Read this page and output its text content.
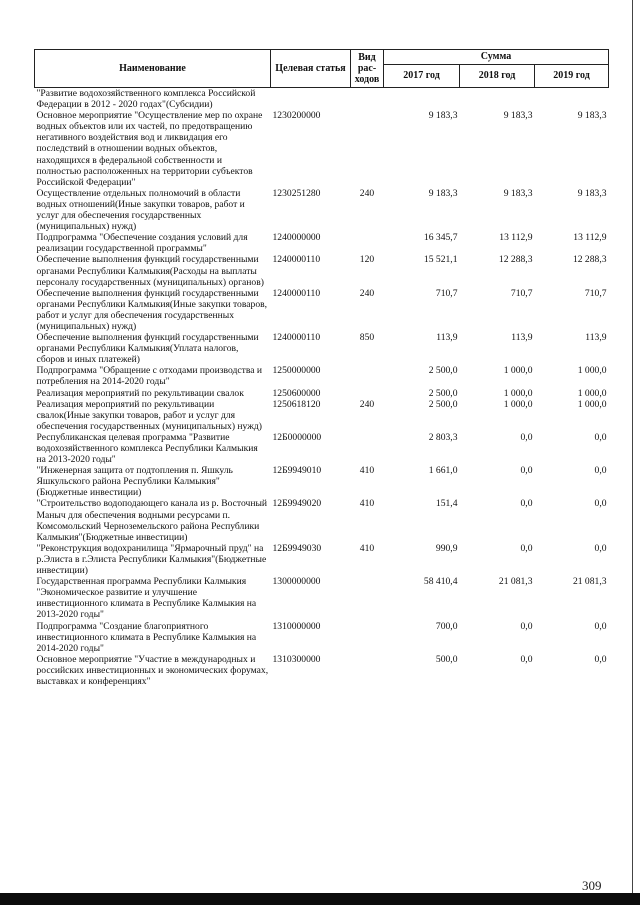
Наименование	Целевая статья	Вид рас-ходов	Сумма		
			2017 год	2018 год	2019 год
"Развитие водохозяйственного комплекса Российской Федерации в 2012 - 2020 годах"(Субсидии)					
Основное мероприятие "Осуществление мер по охране водных объектов или их частей, по предотвращению негативного воздействия вод и ликвидация его последствий в отношении водных объектов, находящихся в федеральной собственности и полностью расположенных на территории субъектов Российской Федерации"	1230200000		9 183,3	9 183,3	9 183,3
Осуществление отдельных полномочий в области водных отношений(Иные закупки товаров, работ и услуг для обеспечения государственных (муниципальных) нужд)	1230251280	240	9 183,3	9 183,3	9 183,3
Подпрограмма "Обеспечение создания условий для реализации государственной программы"	1240000000		16 345,7	13 112,9	13 112,9
Обеспечение выполнения функций государственными органами Республики Калмыкия(Расходы на выплаты персоналу государственных (муниципальных) органов)	1240000110	120	15 521,1	12 288,3	12 288,3
Обеспечение выполнения функций государственными органами Республики Калмыкия(Иные закупки товаров, работ и услуг для обеспечения государственных (муниципальных) нужд)	1240000110	240	710,7	710,7	710,7
Обеспечение выполнения функций государственными органами Республики Калмыкия(Уплата налогов, сборов и иных платежей)	1240000110	850	113,9	113,9	113,9
Подпрограмма "Обращение с отходами производства и потребления на 2014-2020 годы"	1250000000		2 500,0	1 000,0	1 000,0
Реализация мероприятий по рекультивации свалок	1250600000		2 500,0	1 000,0	1 000,0
Реализация мероприятий по рекультивации свалок(Иные закупки товаров, работ и услуг для обеспечения государственных (муниципальных) нужд)	1250618120	240	2 500,0	1 000,0	1 000,0
Республиканская целевая программа "Развитие водохозяйственного комплекса Республики Калмыкия на 2013-2020 годы"	12Б0000000		2 803,3	0,0	0,0
"Инженерная защита от подтопления п. Яшкуль Яшкульского района Республики Калмыкия"(Бюджетные инвестиции)	12Б9949010	410	1 661,0	0,0	0,0
"Строительство водоподающего канала из р. Восточный Маныч для обеспечения водными ресурсами п. Комсомольский Черноземельского района Республики Калмыкия"(Бюджетные инвестиции)	12Б9949020	410	151,4	0,0	0,0
"Реконструкция водохранилища "Ярмарочный пруд" на р.Элиста в г.Элиста Республики Калмыкия"(Бюджетные инвестиции)	12Б9949030	410	990,9	0,0	0,0
Государственная программа Республики Калмыкия "Экономическое развитие и улучшение инвестиционного климата в Республике Калмыкия на 2013-2020 годы"	1300000000		58 410,4	21 081,3	21 081,3
Подпрограмма "Создание благоприятного инвестиционного климата в Республике Калмыкия на 2014-2020 годы"	1310000000		700,0	0,0	0,0
Основное мероприятие "Участие в международных и российских инвестиционных и экономических форумах, выставках и конференциях"	1310300000		500,0	0,0	0,0
309
